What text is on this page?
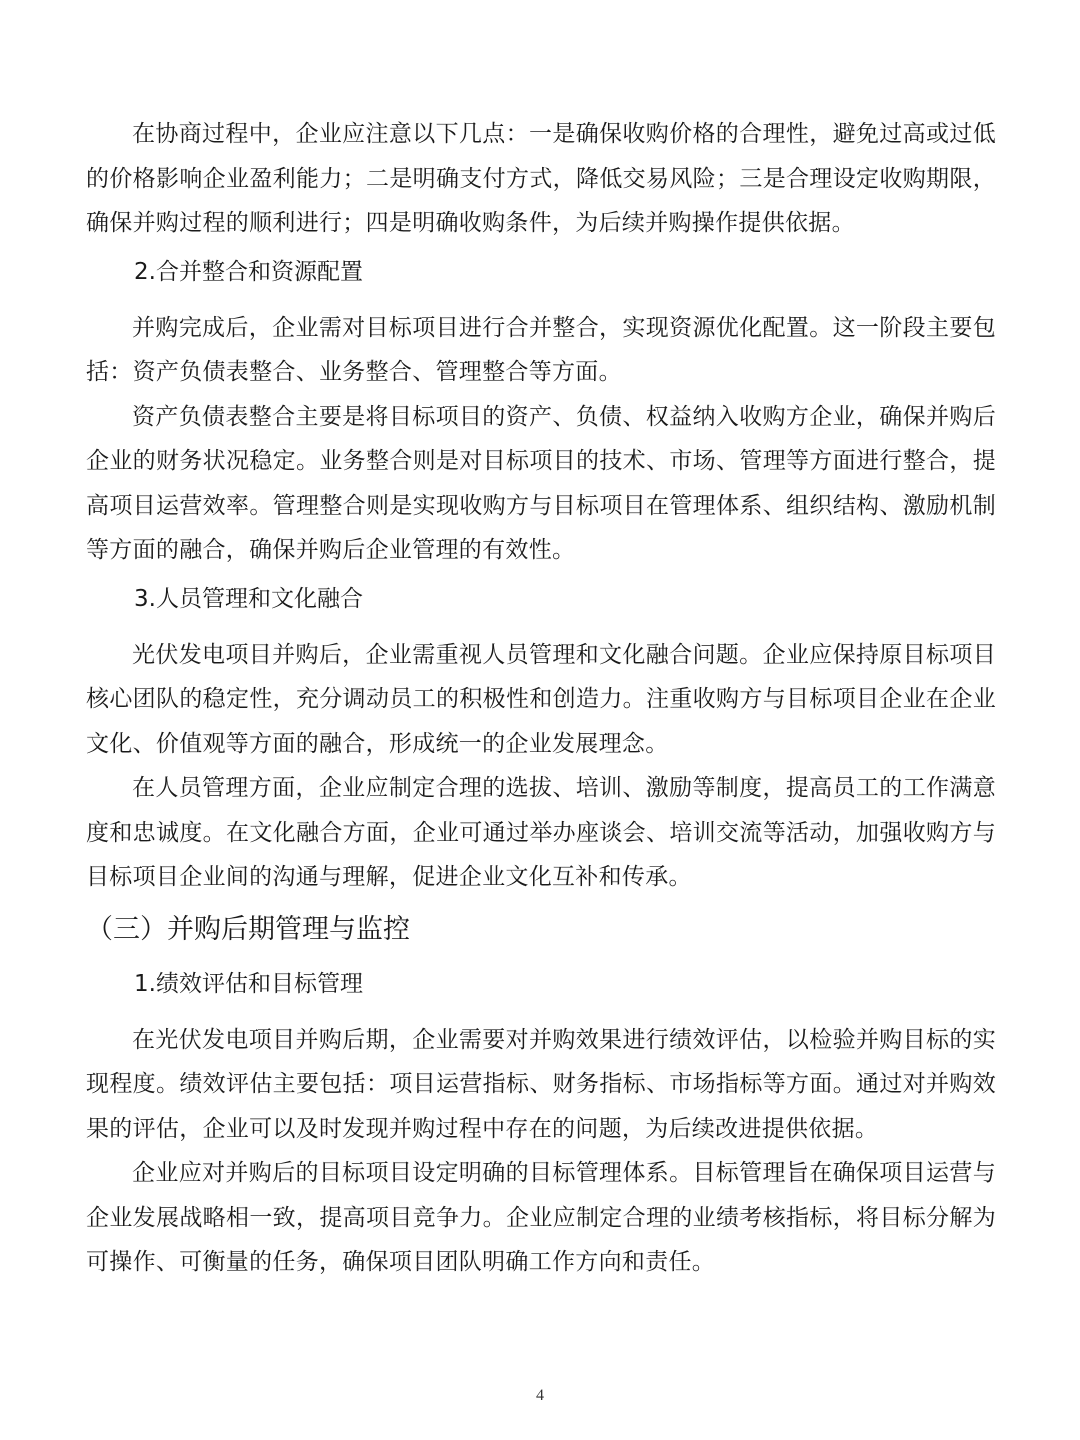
在协商过程中，企业应注意以下几点：一是确保收购价格的合理性，避免过高或过低的价格影响企业盈利能力；二是明确支付方式，降低交易风险；三是合理设定收购期限，确保并购过程的顺利进行；四是明确收购条件，为后续并购操作提供依据。

2.合并整合和资源配置

并购完成后，企业需对目标项目进行合并整合，实现资源优化配置。这一阶段主要包括：资产负债表整合、业务整合、管理整合等方面。

资产负债表整合主要是将目标项目的资产、负债、权益纳入收购方企业，确保并购后企业的财务状况稳定。业务整合则是对目标项目的技术、市场、管理等方面进行整合，提高项目运营效率。管理整合则是实现收购方与目标项目在管理体系、组织结构、激励机制等方面的融合，确保并购后企业管理的有效性。

3.人员管理和文化融合

光伏发电项目并购后，企业需重视人员管理和文化融合问题。企业应保持原目标项目核心团队的稳定性，充分调动员工的积极性和创造力。注重收购方与目标项目企业在企业文化、价值观等方面的融合，形成统一的企业发展理念。

在人员管理方面，企业应制定合理的选拔、培训、激励等制度，提高员工的工作满意度和忠诚度。在文化融合方面，企业可通过举办座谈会、培训交流等活动，加强收购方与目标项目企业间的沟通与理解，促进企业文化互补和传承。

（三）并购后期管理与监控
1.绩效评估和目标管理

在光伏发电项目并购后期，企业需要对并购效果进行绩效评估，以检验并购目标的实现程度。绩效评估主要包括：项目运营指标、财务指标、市场指标等方面。通过对并购效果的评估，企业可以及时发现并购过程中存在的问题，为后续改进提供依据。

企业应对并购后的目标项目设定明确的目标管理体系。目标管理旨在确保项目运营与企业发展战略相一致，提高项目竞争力。企业应制定合理的业绩考核指标，将目标分解为可操作、可衡量的任务，确保项目团队明确工作方向和责任。

4
